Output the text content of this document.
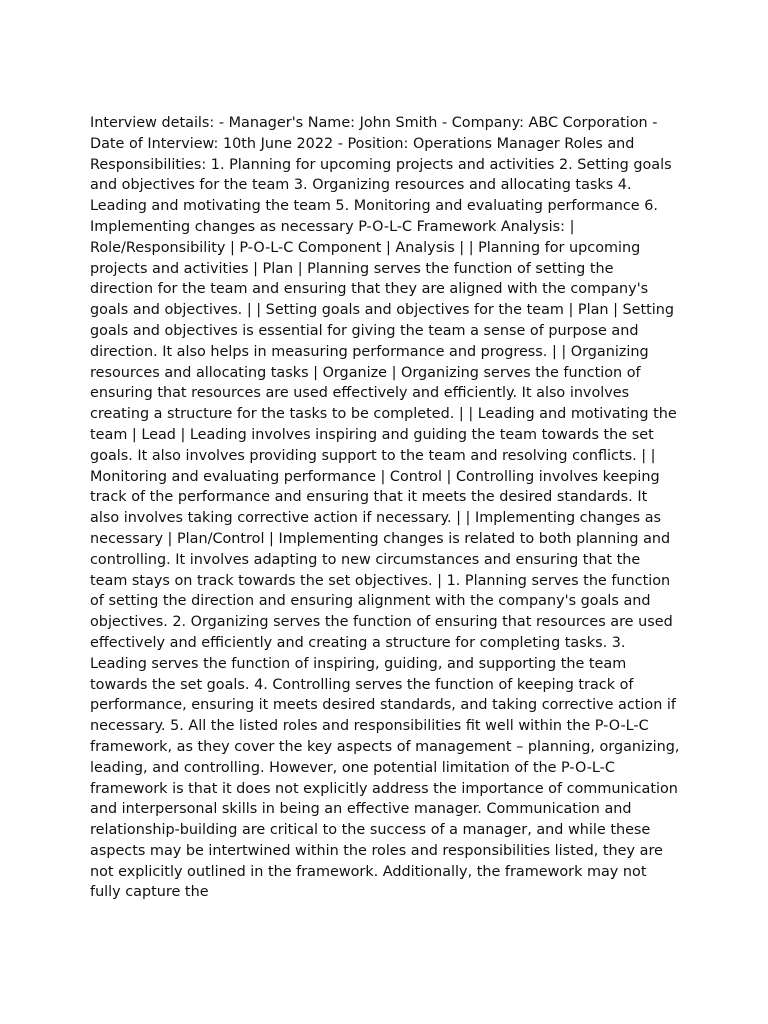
Interview details: - Manager's Name: John Smith - Company: ABC Corporation - Date of Interview: 10th June 2022 - Position: Operations Manager Roles and Responsibilities: 1. Planning for upcoming projects and activities 2. Setting goals and objectives for the team 3. Organizing resources and allocating tasks 4. Leading and motivating the team 5. Monitoring and evaluating performance 6. Implementing changes as necessary P-O-L-C Framework Analysis: | Role/Responsibility | P-O-L-C Component | Analysis | | Planning for upcoming projects and activities | Plan | Planning serves the function of setting the direction for the team and ensuring that they are aligned with the company's goals and objectives. | | Setting goals and objectives for the team | Plan | Setting goals and objectives is essential for giving the team a sense of purpose and direction. It also helps in measuring performance and progress. | | Organizing resources and allocating tasks | Organize | Organizing serves the function of ensuring that resources are used effectively and efficiently. It also involves creating a structure for the tasks to be completed. | | Leading and motivating the team | Lead | Leading involves inspiring and guiding the team towards the set goals. It also involves providing support to the team and resolving conflicts. | | Monitoring and evaluating performance | Control | Controlling involves keeping track of the performance and ensuring that it meets the desired standards. It also involves taking corrective action if necessary. | | Implementing changes as necessary | Plan/Control | Implementing changes is related to both planning and controlling. It involves adapting to new circumstances and ensuring that the team stays on track towards the set objectives. | 1. Planning serves the function of setting the direction and ensuring alignment with the company's goals and objectives. 2. Organizing serves the function of ensuring that resources are used effectively and efficiently and creating a structure for completing tasks. 3. Leading serves the function of inspiring, guiding, and supporting the team towards the set goals. 4. Controlling serves the function of keeping track of performance, ensuring it meets desired standards, and taking corrective action if necessary. 5. All the listed roles and responsibilities fit well within the P-O-L-C framework, as they cover the key aspects of management – planning, organizing, leading, and controlling. However, one potential limitation of the P-O-L-C framework is that it does not explicitly address the importance of communication and interpersonal skills in being an effective manager. Communication and relationship-building are critical to the success of a manager, and while these aspects may be intertwined within the roles and responsibilities listed, they are not explicitly outlined in the framework. Additionally, the framework may not fully capture the
